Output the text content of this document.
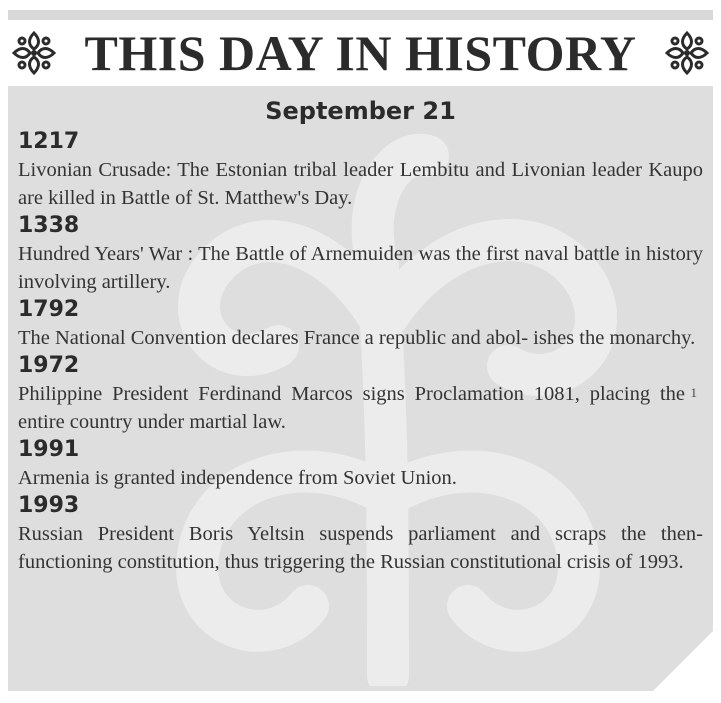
THIS DAY IN HISTORY
September 21
1217
Livonian Crusade: The Estonian tribal leader Lembitu and Livonian leader Kaupo are killed in Battle of St. Matthew's Day.
1338
Hundred Years' War : The Battle of Arnemuiden was the first naval battle in history involving artillery.
1792
The National Convention declares France a republic and abol- ishes the monarchy.
1972
Philippine President Ferdinand Marcos signs Proclamation 1081, placing the entire country under martial law.
1
1991
Armenia is granted independence from Soviet Union.
1993
Russian President Boris Yeltsin suspends parliament and scraps the then-functioning constitution, thus triggering the Russian constitutional crisis of 1993.
